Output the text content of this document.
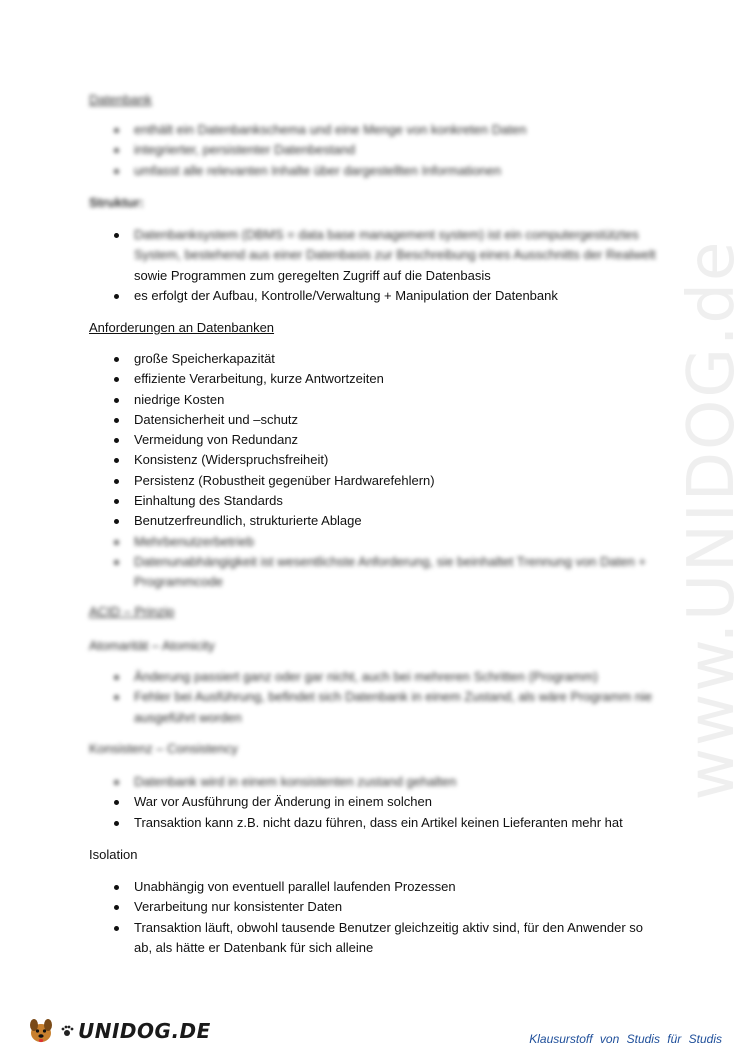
www.UNIDOG.de
Datenbank
enthält ein Datenbankschema und eine Menge von konkreten Daten
integrierter, persistenter Datenbestand
umfasst alle relevanten Inhalte über dargestellten Informationen
Struktur:
Datenbanksystem (DBMS = data base management system) ist ein computergestütztes
System, bestehend aus einer Datenbasis zur Beschreibung eines Ausschnitts der Realwelt
sowie Programmen zum geregelten Zugriff auf die Datenbasis
es erfolgt der Aufbau, Kontrolle/Verwaltung + Manipulation der Datenbank
Anforderungen an Datenbanken
große Speicherkapazität
effiziente Verarbeitung, kurze Antwortzeiten
niedrige Kosten
Datensicherheit und –schutz
Vermeidung von Redundanz
Konsistenz (Widerspruchsfreiheit)
Persistenz (Robustheit gegenüber Hardwarefehlern)
Einhaltung des Standards
Benutzerfreundlich, strukturierte Ablage
Mehrbenutzerbetrieb
Datenunabhängigkeit ist wesentlichste Anforderung, sie beinhaltet Trennung von Daten + Programmcode
ACID – Prinzip
Atomarität – Atomicity
Änderung passiert ganz oder gar nicht, auch bei mehreren Schritten (Programm)
Fehler bei Ausführung, befindet sich Datenbank in einem Zustand, als wäre Programm nie ausgeführt worden
Konsistenz – Consistency
Datenbank wird in einem konsistenten zustand gehalten
War vor Ausführung der Änderung in einem solchen
Transaktion kann z.B. nicht dazu führen, dass ein Artikel keinen Lieferanten mehr hat
Isolation
Unabhängig von eventuell parallel laufenden Prozessen
Verarbeitung nur konsistenter Daten
Transaktion läuft, obwohl tausende Benutzer gleichzeitig aktiv sind, für den Anwender so ab, als hätte er Datenbank für sich alleine
UNIDOG.DE	Klausurstoff von Studis für Studis
